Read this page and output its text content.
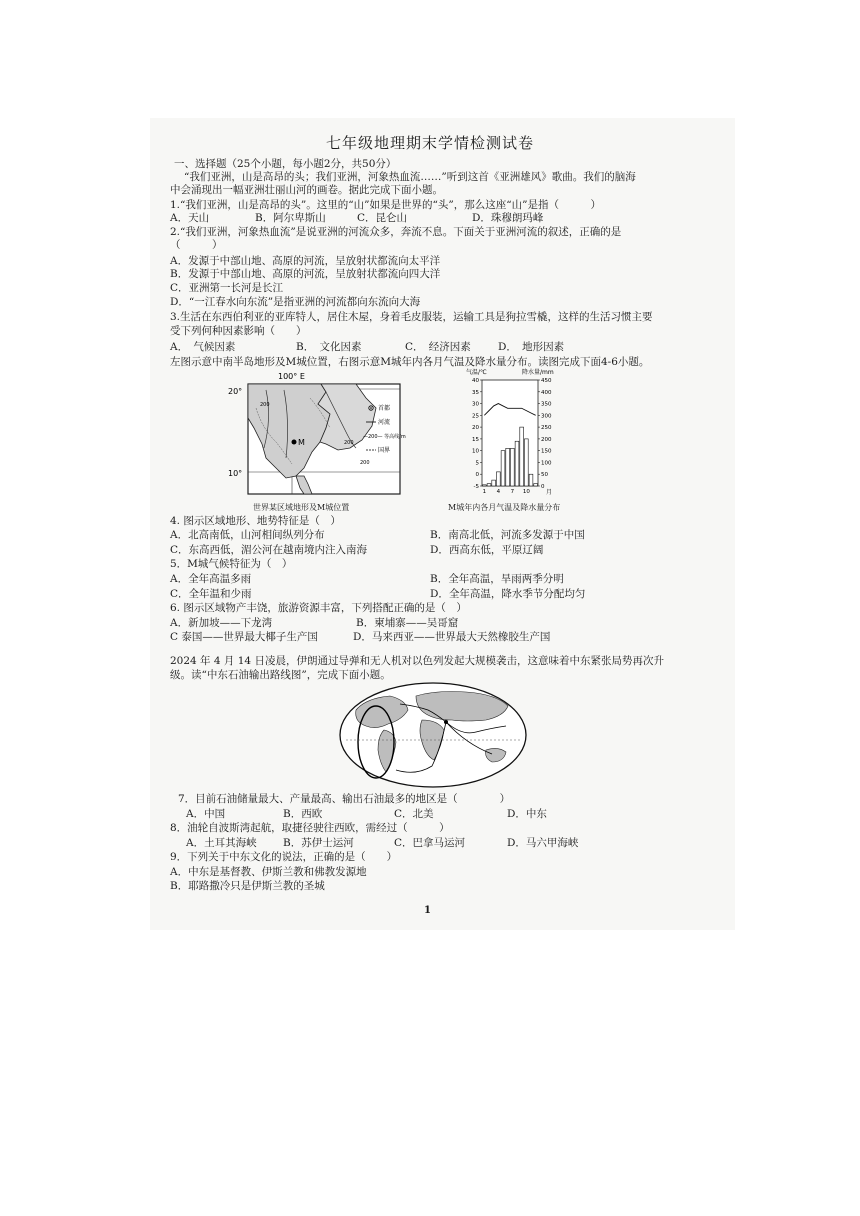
七年级地理期末学情检测试卷
一、选择题（25个小题，每小题2分，共50分）
“我们亚洲，山是高昂的头；我们亚洲，河象热血流……”听到这首《亚洲雄风》歌曲。我们的脑海
中会涌现出一幅亚洲壮丽山河的画卷。据此完成下面小题。
1.“我们亚洲，山是高昂的头”。这里的“山”如果是世界的“头”，那么这座“山”是指（　　　）
A．天山	B．阿尔卑斯山	C．昆仑山	D．珠穆朗玛峰
2.“我们亚洲，河象热血流”是说亚洲的河流众多，奔流不息。下面关于亚洲河流的叙述，正确的是
（　　　）
A．发源于中部山地、高原的河流，呈放射状都流向太平洋
B．发源于中部山地、高原的河流，呈放射状都流向四大洋
C．亚洲第一长河是长江
D．“一江春水向东流”是指亚洲的河流都向东流向大海
3.生活在东西伯利亚的亚库特人，居住木屋，身着毛皮服装，运输工具是狗拉雪橇，这样的生活习惯主要
受下列何种因素影响（　　）
A．　气候因素	B．　文化因素	C．　经济因素	D．　地形因素
左图示意中南半岛地形及M城位置，右图示意M城年内各月气温及降水量分布。读图完成下面4-6小题。
100° E
20°
10°
200
200
200
M
首都
河流
—200— 等高线/m
国界
世界某区域地形及M城位置
气温/℃	降水量/mm
-5
0
5
10
15
20
25
30
35
40
0
50
100
150
200
250
300
350
400
450
1 4 7 10	月
M城年内各月气温及降水量分布
4. 图示区域地形、地势特征是（　）
A．北高南低，山河相间纵列分布	B．南高北低，河流多发源于中国
C．东高西低，湄公河在越南境内注入南海	D．西高东低，平原辽阔
5．M城气候特征为（　）
A．全年高温多雨	B．全年高温，旱雨两季分明
C．全年温和少雨	D．全年高温，降水季节分配均匀
6. 图示区域物产丰饶，旅游资源丰富，下列搭配正确的是（　）
A．新加坡——下龙湾	B．柬埔寨——吴哥窟
C 泰国——世界最大椰子生产国	D．马来西亚——世界最大天然橡胶生产国
2024 年 4 月 14 日凌晨，伊朗通过导弹和无人机对以色列发起大规模袭击，这意味着中东紧张局势再次升
级。读“中东石油输出路线图”，完成下面小题。
7．目前石油储量最大、产量最高、输出石油最多的地区是（　　　　）
A．中国	B．西欧	C．北美	D．中东
8．油轮自波斯湾起航，取捷径驶往西欧，需经过（　　　）
A．土耳其海峡	B．苏伊士运河	C．巴拿马运河	D．马六甲海峡
9．下列关于中东文化的说法，正确的是（　　）
A．中东是基督教、伊斯兰教和佛教发源地
B．耶路撒冷只是伊斯兰教的圣城
1
